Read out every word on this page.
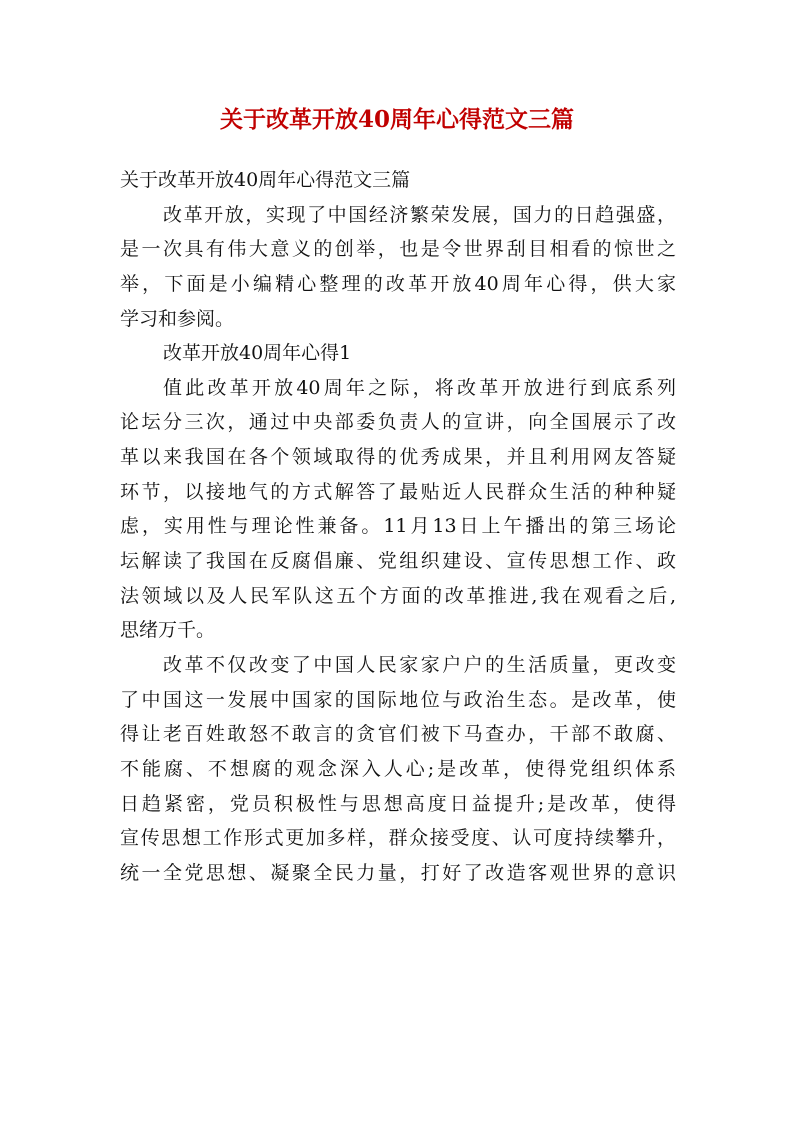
关于改革开放40周年心得范文三篇
关于改革开放40周年心得范文三篇
改革开放，实现了中国经济繁荣发展，国力的日趋强盛，
是一次具有伟大意义的创举，也是令世界刮目相看的惊世之
举，下面是小编精心整理的改革开放40周年心得，供大家
学习和参阅。
改革开放40周年心得1
值此改革开放40周年之际，将改革开放进行到底系列
论坛分三次，通过中央部委负责人的宣讲，向全国展示了改
革以来我国在各个领域取得的优秀成果，并且利用网友答疑
环节，以接地气的方式解答了最贴近人民群众生活的种种疑
虑，实用性与理论性兼备。11月13日上午播出的第三场论
坛解读了我国在反腐倡廉、党组织建设、宣传思想工作、政
法领域以及人民军队这五个方面的改革推进,我在观看之后,
思绪万千。
改革不仅改变了中国人民家家户户的生活质量，更改变
了中国这一发展中国家的国际地位与政治生态。是改革，使
得让老百姓敢怒不敢言的贪官们被下马查办，干部不敢腐、
不能腐、不想腐的观念深入人心;是改革，使得党组织体系
日趋紧密，党员积极性与思想高度日益提升;是改革，使得
宣传思想工作形式更加多样，群众接受度、认可度持续攀升，
统一全党思想、凝聚全民力量，打好了改造客观世界的意识
